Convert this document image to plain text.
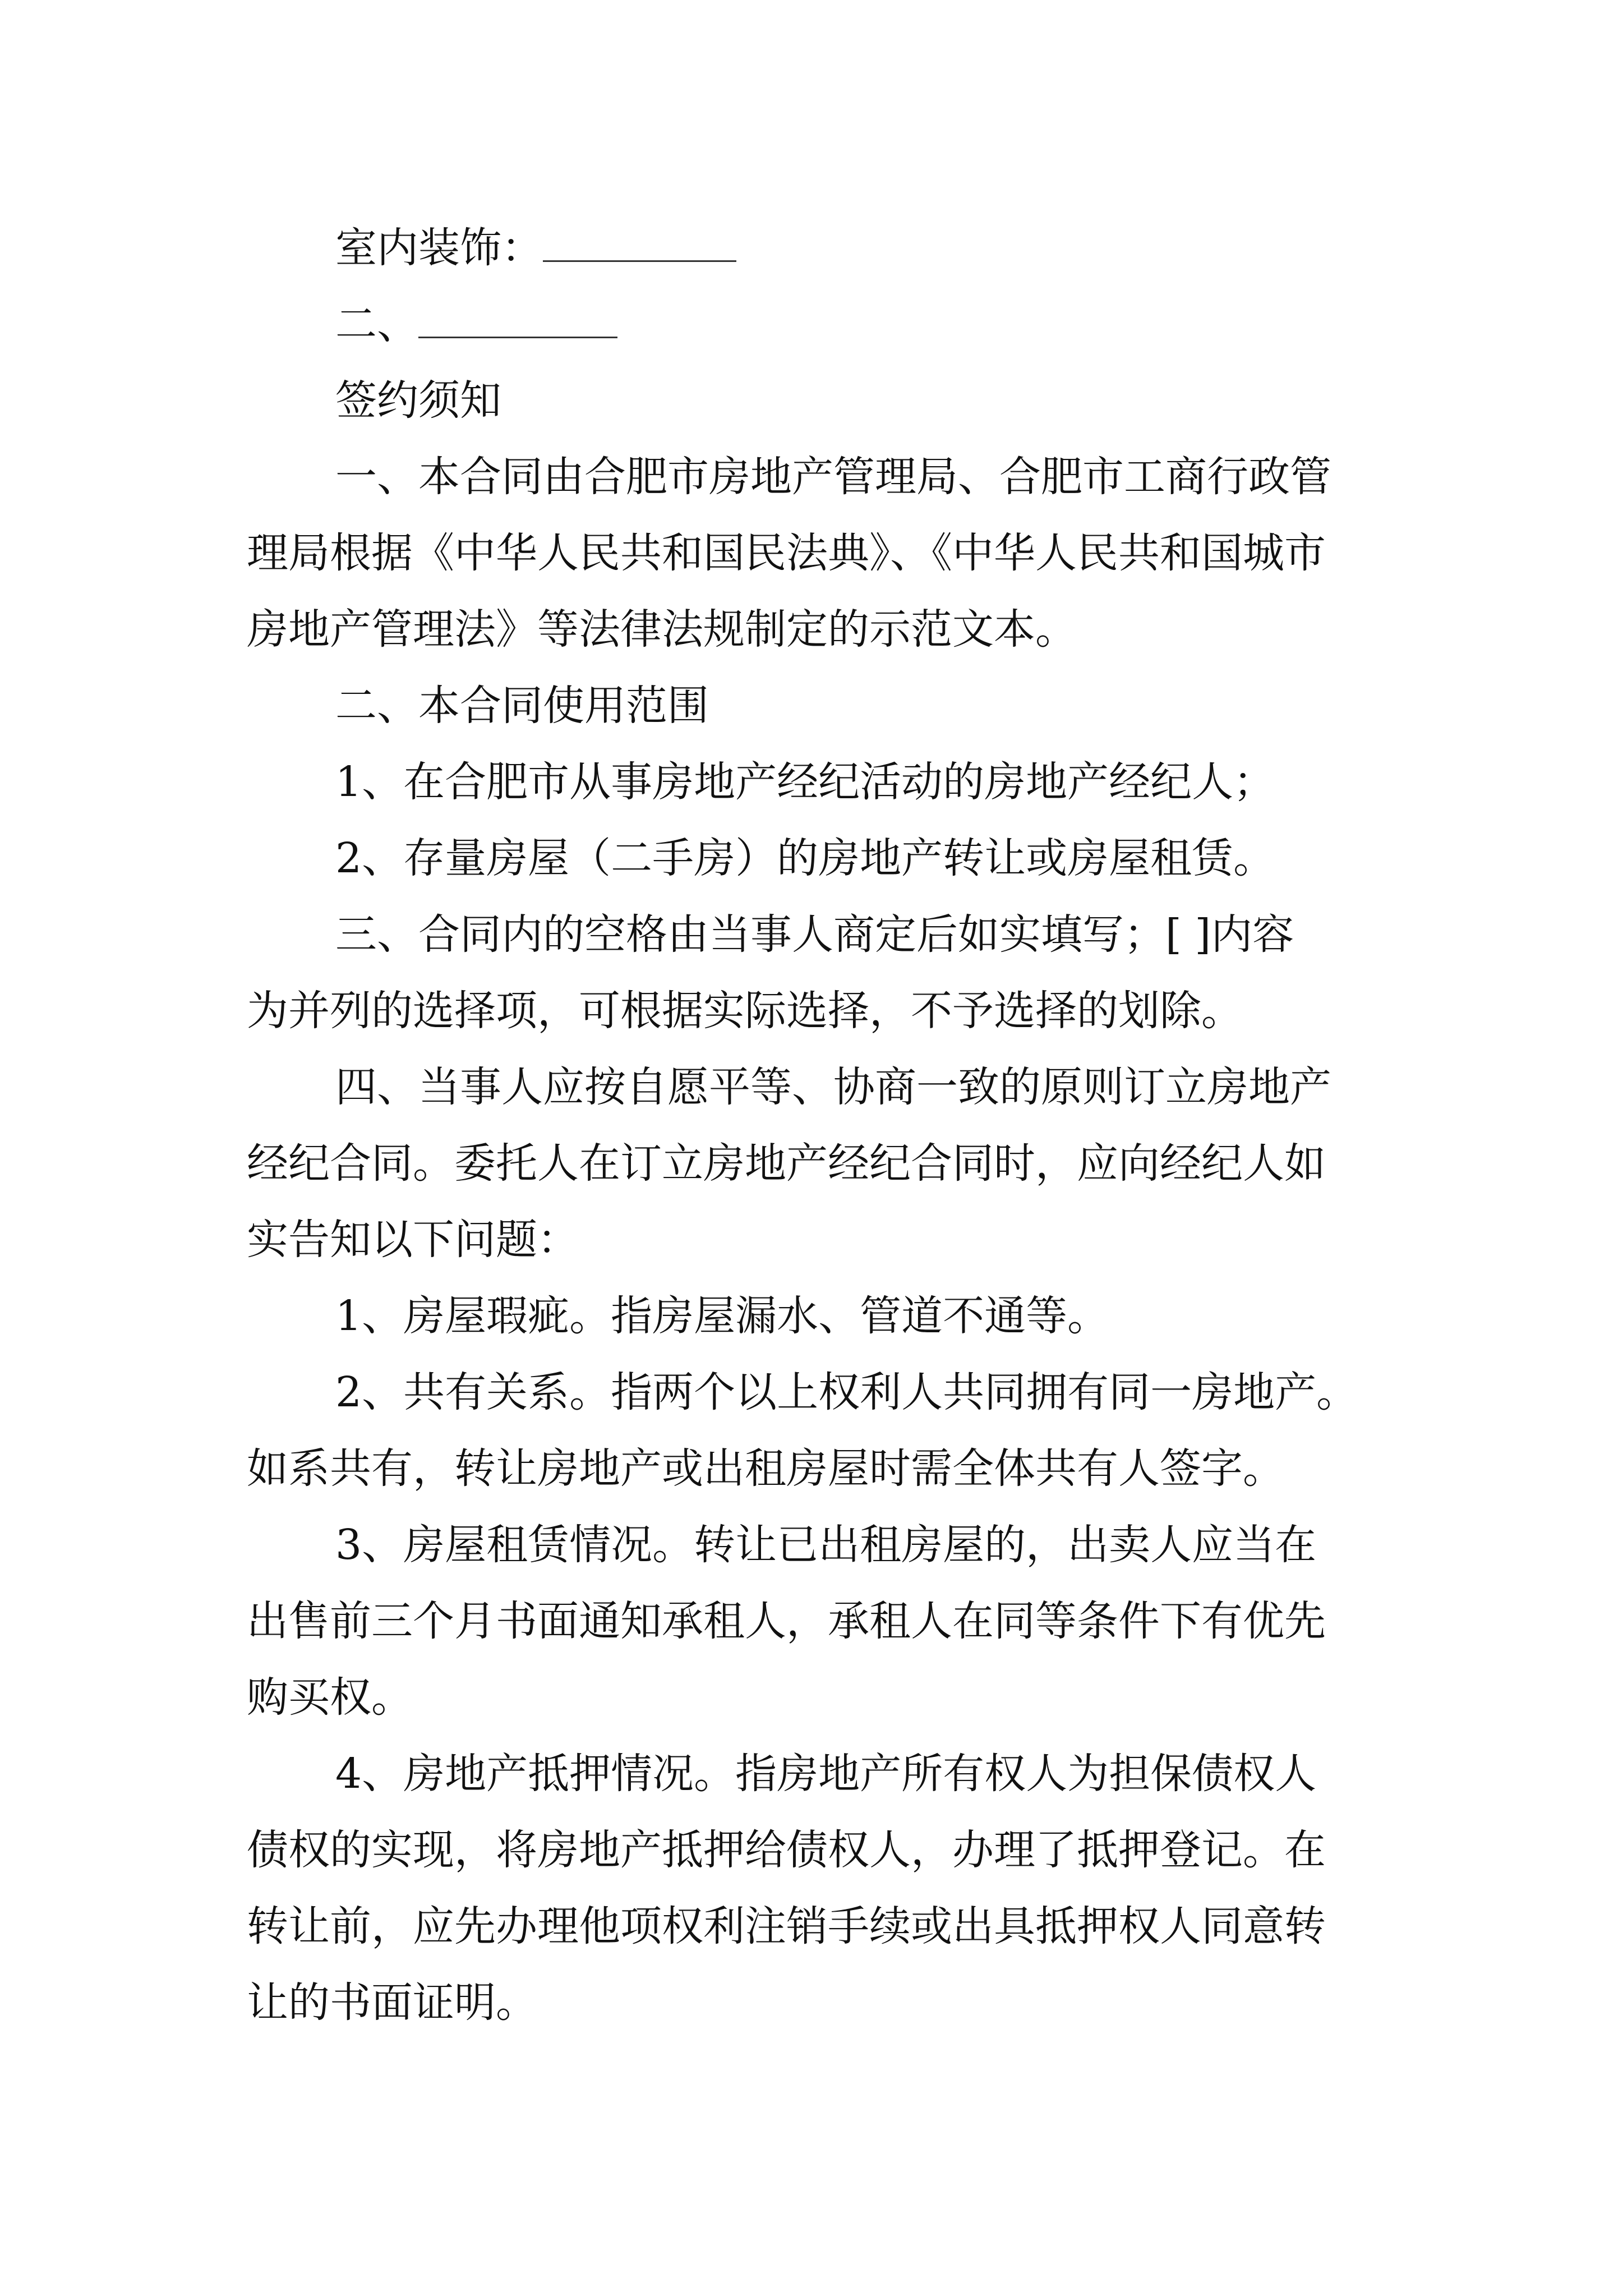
室内装饰：
二、
签约须知
一、本合同由合肥市房地产管理局、合肥市工商行政管
理局根据《中华人民共和国民法典》、《中华人民共和国城市
房地产管理法》等法律法规制定的示范文本。
二、本合同使用范围
1、在合肥市从事房地产经纪活动的房地产经纪人；
2、存量房屋（二手房）的房地产转让或房屋租赁。
三、合同内的空格由当事人商定后如实填写；[ ]内容
为并列的选择项，可根据实际选择，不予选择的划除。
四、当事人应按自愿平等、协商一致的原则订立房地产
经纪合同。委托人在订立房地产经纪合同时，应向经纪人如
实告知以下问题：
1、房屋瑕疵。指房屋漏水、管道不通等。
2、共有关系。指两个以上权利人共同拥有同一房地产。
如系共有，转让房地产或出租房屋时需全体共有人签字。
3、房屋租赁情况。转让已出租房屋的，出卖人应当在
出售前三个月书面通知承租人，承租人在同等条件下有优先
购买权。
4、房地产抵押情况。指房地产所有权人为担保债权人
债权的实现，将房地产抵押给债权人，办理了抵押登记。在
转让前，应先办理他项权利注销手续或出具抵押权人同意转
让的书面证明。
